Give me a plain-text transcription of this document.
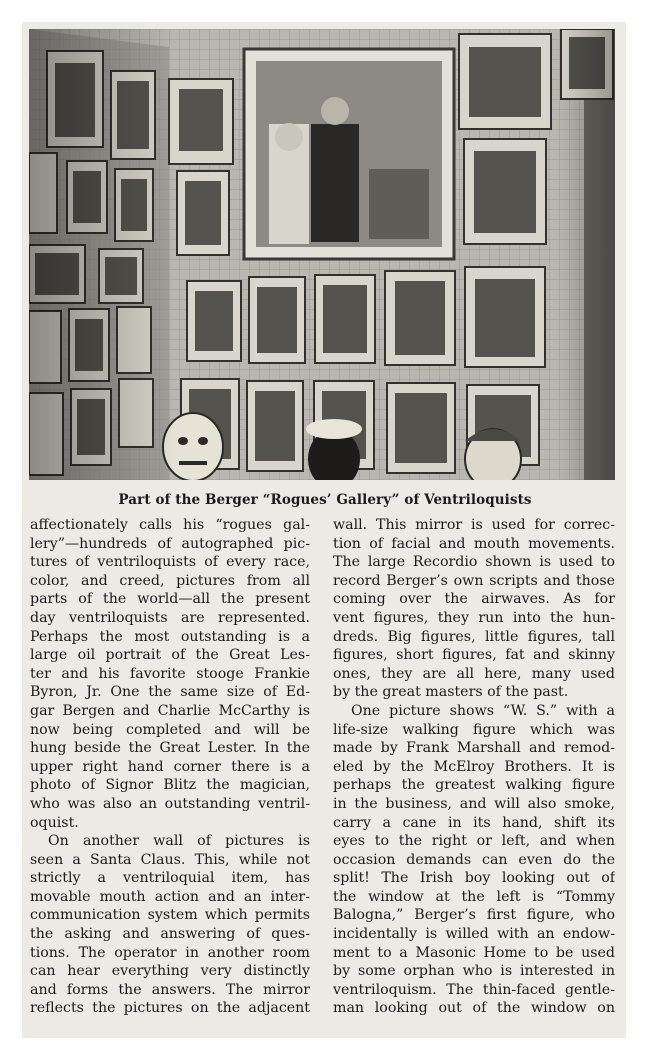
Part of the Berger “Rogues’ Gallery” of Ventriloquists
affectionately calls his “rogues gal-
lery”—hundreds of autographed pic-
tures of ventriloquists of every race,
color, and creed, pictures from all
parts of the world—all the present
day ventriloquists are represented.
Perhaps the most outstanding is a
large oil portrait of the Great Les-
ter and his favorite stooge Frankie
Byron, Jr. One the same size of Ed-
gar Bergen and Charlie McCarthy is
now being completed and will be
hung beside the Great Lester. In the
upper right hand corner there is a
photo of Signor Blitz the magician,
who was also an outstanding ventril-
oquist.
On another wall of pictures is
seen a Santa Claus. This, while not
strictly a ventriloquial item, has
movable mouth action and an inter-
communication system which permits
the asking and answering of ques-
tions. The operator in another room
can hear everything very distinctly
and forms the answers. The mirror
reflects the pictures on the adjacent
wall. This mirror is used for correc-
tion of facial and mouth movements.
The large Recordio shown is used to
record Berger’s own scripts and those
coming over the airwaves. As for
vent figures, they run into the hun-
dreds. Big figures, little figures, tall
figures, short figures, fat and skinny
ones, they are all here, many used
by the great masters of the past.
One picture shows “W. S.” with a
life-size walking figure which was
made by Frank Marshall and remod-
eled by the McElroy Brothers. It is
perhaps the greatest walking figure
in the business, and will also smoke,
carry a cane in its hand, shift its
eyes to the right or left, and when
occasion demands can even do the
split! The Irish boy looking out of
the window at the left is “Tommy
Balogna,” Berger’s first figure, who
incidentally is willed with an endow-
ment to a Masonic Home to be used
by some orphan who is interested in
ventriloquism. The thin-faced gentle-
man looking out of the window on
